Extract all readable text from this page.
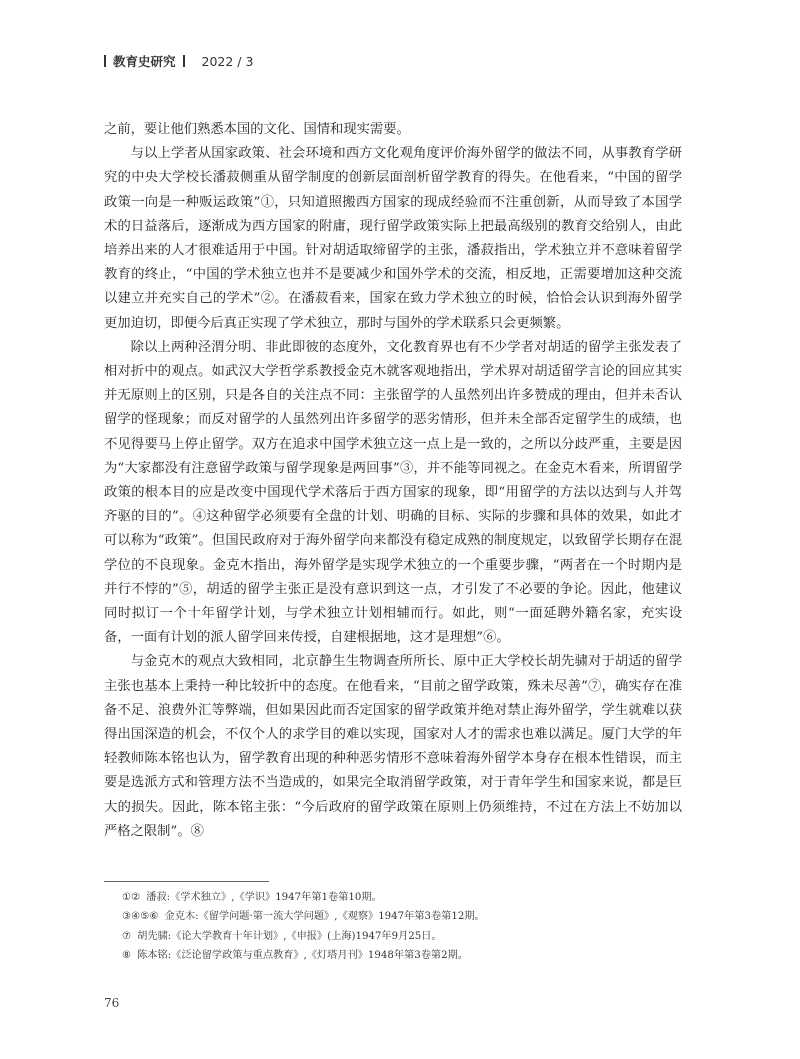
教育史研究 2022 / 3

之前，要让他们熟悉本国的文化、国情和现实需要。

与以上学者从国家政策、社会环境和西方文化观角度评价海外留学的做法不同，从事教育学研究的中央大学校长潘菽侧重从留学制度的创新层面剖析留学教育的得失。在他看来，“中国的留学政策一向是一种贩运政策”①，只知道照搬西方国家的现成经验而不注重创新，从而导致了本国学术的日益落后，逐渐成为西方国家的附庸，现行留学政策实际上把最高级别的教育交给别人，由此培养出来的人才很难适用于中国。针对胡适取缔留学的主张，潘菽指出，学术独立并不意味着留学教育的终止，“中国的学术独立也并不是要减少和国外学术的交流，相反地，正需要增加这种交流以建立并充实自己的学术”②。在潘菽看来，国家在致力学术独立的时候，恰恰会认识到海外留学更加迫切，即便今后真正实现了学术独立，那时与国外的学术联系只会更频繁。

除以上两种泾渭分明、非此即彼的态度外，文化教育界也有不少学者对胡适的留学主张发表了相对折中的观点。如武汉大学哲学系教授金克木就客观地指出，学术界对胡适留学言论的回应其实并无原则上的区别，只是各自的关注点不同：主张留学的人虽然列出许多赞成的理由，但并未否认留学的怪现象；而反对留学的人虽然列出许多留学的恶劣情形，但并未全部否定留学生的成绩，也不见得要马上停止留学。双方在追求中国学术独立这一点上是一致的，之所以分歧严重，主要是因为“大家都没有注意留学政策与留学现象是两回事”③，并不能等同视之。在金克木看来，所谓留学政策的根本目的应是改变中国现代学术落后于西方国家的现象，即“用留学的方法以达到与人并驾齐驱的目的”。④这种留学必须要有全盘的计划、明确的目标、实际的步骤和具体的效果，如此才可以称为“政策”。但国民政府对于海外留学向来都没有稳定成熟的制度规定，以致留学长期存在混学位的不良现象。金克木指出，海外留学是实现学术独立的一个重要步骤，“两者在一个时期内是并行不悖的”⑤，胡适的留学主张正是没有意识到这一点，才引发了不必要的争论。因此，他建议同时拟订一个十年留学计划，与学术独立计划相辅而行。如此，则“一面延聘外籍名家，充实设备，一面有计划的派人留学回来传授，自建根据地，这才是理想”⑥。

与金克木的观点大致相同，北京静生生物调查所所长、原中正大学校长胡先骕对于胡适的留学主张也基本上秉持一种比较折中的态度。在他看来，“目前之留学政策，殊未尽善”⑦，确实存在准备不足、浪费外汇等弊端，但如果因此而否定国家的留学政策并绝对禁止海外留学，学生就难以获得出国深造的机会，不仅个人的求学目的难以实现，国家对人才的需求也难以满足。厦门大学的年轻教师陈本铭也认为，留学教育出现的种种恶劣情形不意味着海外留学本身存在根本性错误，而主要是选派方式和管理方法不当造成的，如果完全取消留学政策，对于青年学生和国家来说，都是巨大的损失。因此，陈本铭主张：“今后政府的留学政策在原则上仍须维持，不过在方法上不妨加以严格之限制”。⑧

①② 潘菽:《学术独立》,《学识》1947年第1卷第10期。
③④⑤⑥ 金克木:《留学问题·第一流大学问题》,《观察》1947年第3卷第12期。
⑦ 胡先骕:《论大学教育十年计划》,《申报》(上海)1947年9月25日。
⑧ 陈本铭:《泛论留学政策与重点教育》,《灯塔月刊》1948年第3卷第2期。
76
